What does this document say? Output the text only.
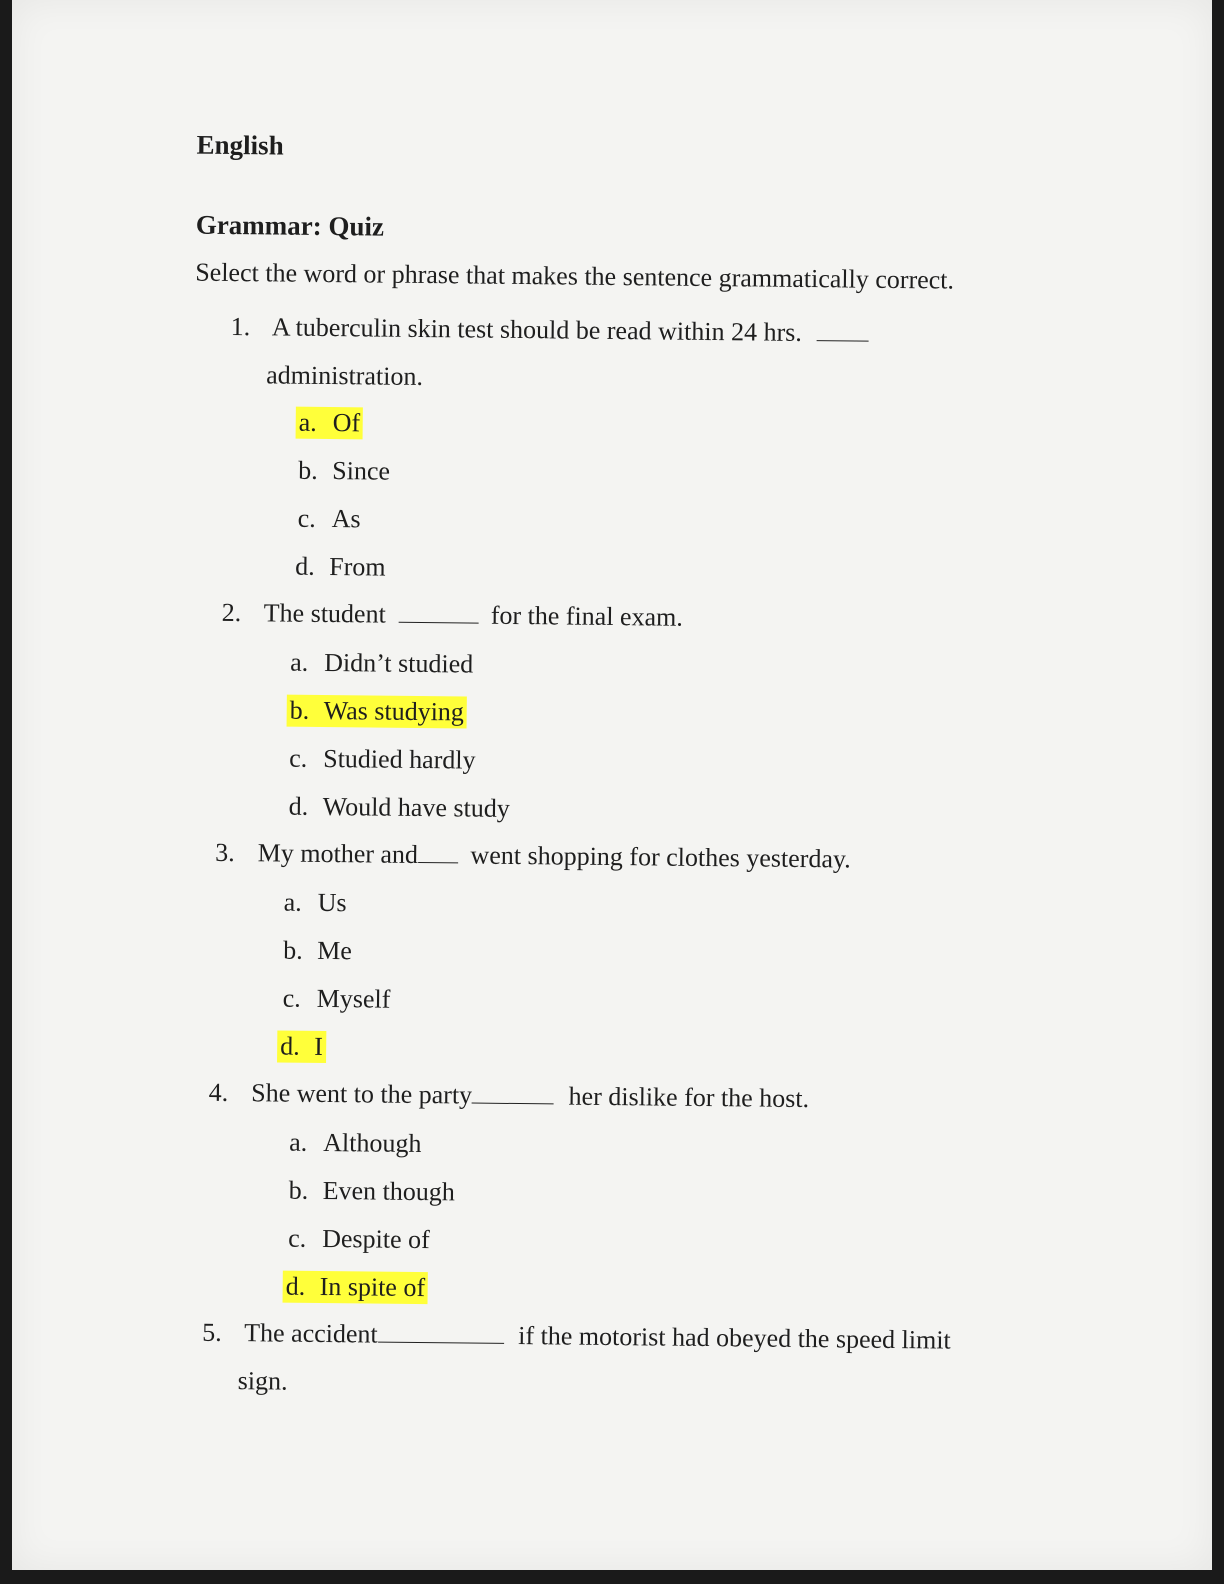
English
Grammar: Quiz
Select the word or phrase that makes the sentence grammatically correct.
1. A tuberculin skin test should be read within 24 hrs.
administration.
a. Of
b. Since
c. As
d. From
2. The student	for the final exam.
a. Didn’t studied
b. Was studying
c. Studied hardly
d. Would have study
3. My mother and went shopping for clothes yesterday.
a. Us
b. Me
c. Myself
d. I
4. She went to the party	her dislike for the host.
a. Although
b. Even though
c. Despite of
d. In spite of
5. The accident	if the motorist had obeyed the speed limit
sign.
